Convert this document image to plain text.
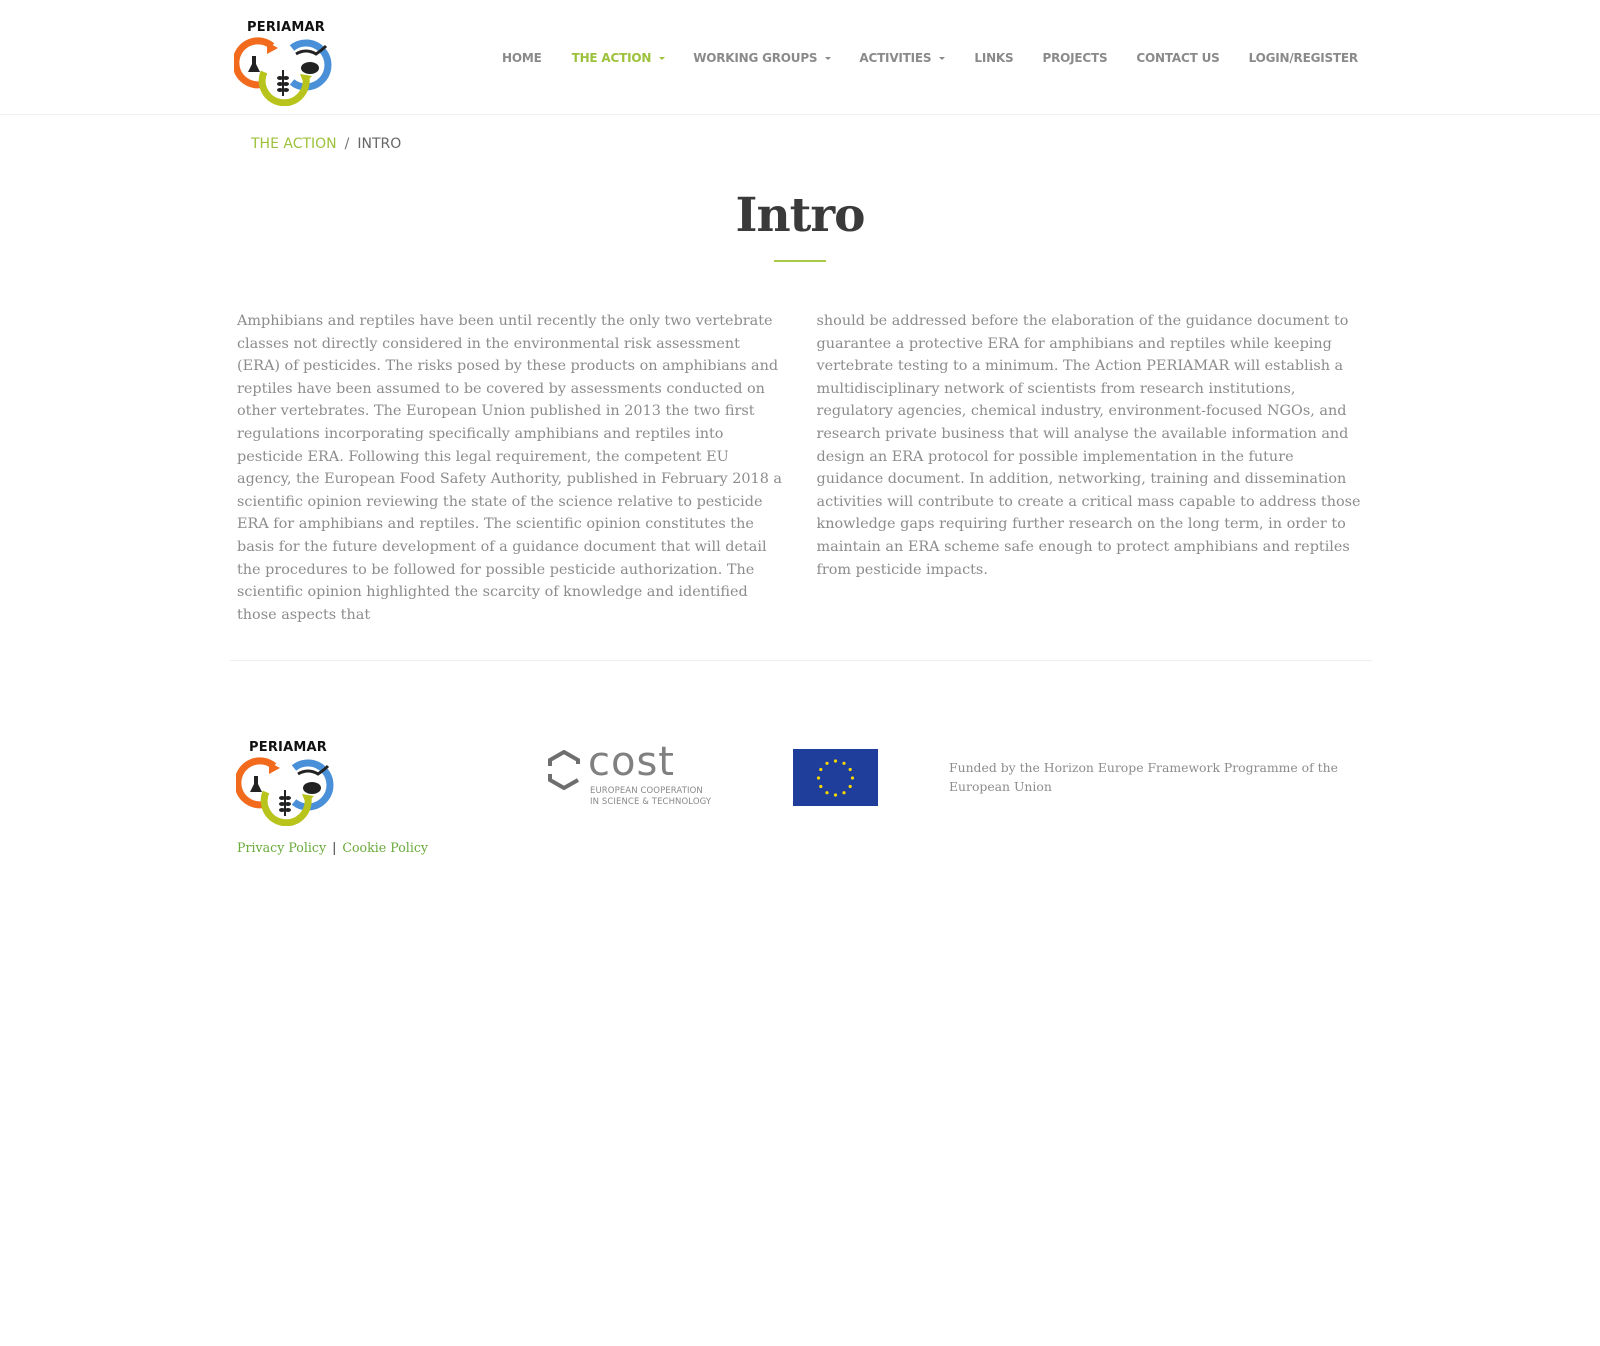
PERIAMAR
HOME	THE ACTION	WORKING GROUPS	ACTIVITIES	LINKS PROJECTS CONTACT US LOGIN/REGISTER
THE ACTION / INTRO
Intro

Amphibians and reptiles have been until recently the only two vertebrate classes not directly considered in the environmental risk assessment (ERA) of pesticides. The risks posed by these products on amphibians and reptiles have been assumed to be covered by assessments conducted on other vertebrates. The European Union published in 2013 the two first regulations incorporating specifically amphibians and reptiles into pesticide ERA. Following this legal requirement, the competent EU agency, the European Food Safety Authority, published in February 2018 a scientific opinion reviewing the state of the science relative to pesticide ERA for amphibians and reptiles. The scientific opinion constitutes the basis for the future development of a guidance document that will detail the procedures to be followed for possible pesticide authorization. The scientific opinion highlighted the scarcity of knowledge and identified those aspects that

should be addressed before the elaboration of the guidance document to guarantee a protective ERA for amphibians and reptiles while keeping vertebrate testing to a minimum. The Action PERIAMAR will establish a multidisciplinary network of scientists from research institutions, regulatory agencies, chemical industry, environment-focused NGOs, and research private business that will analyse the available information and design an ERA protocol for possible implementation in the future guidance document. In addition, networking, training and dissemination activities will contribute to create a critical mass capable to address those knowledge gaps requiring further research on the long term, in order to maintain an ERA scheme safe enough to protect amphibians and reptiles from pesticide impacts.

PERIAMAR
Privacy Policy | Cookie Policy
cost
EUROPEAN COOPERATION
IN SCIENCE & TECHNOLOGY

Funded by the Horizon Europe Framework Programme of the European Union
